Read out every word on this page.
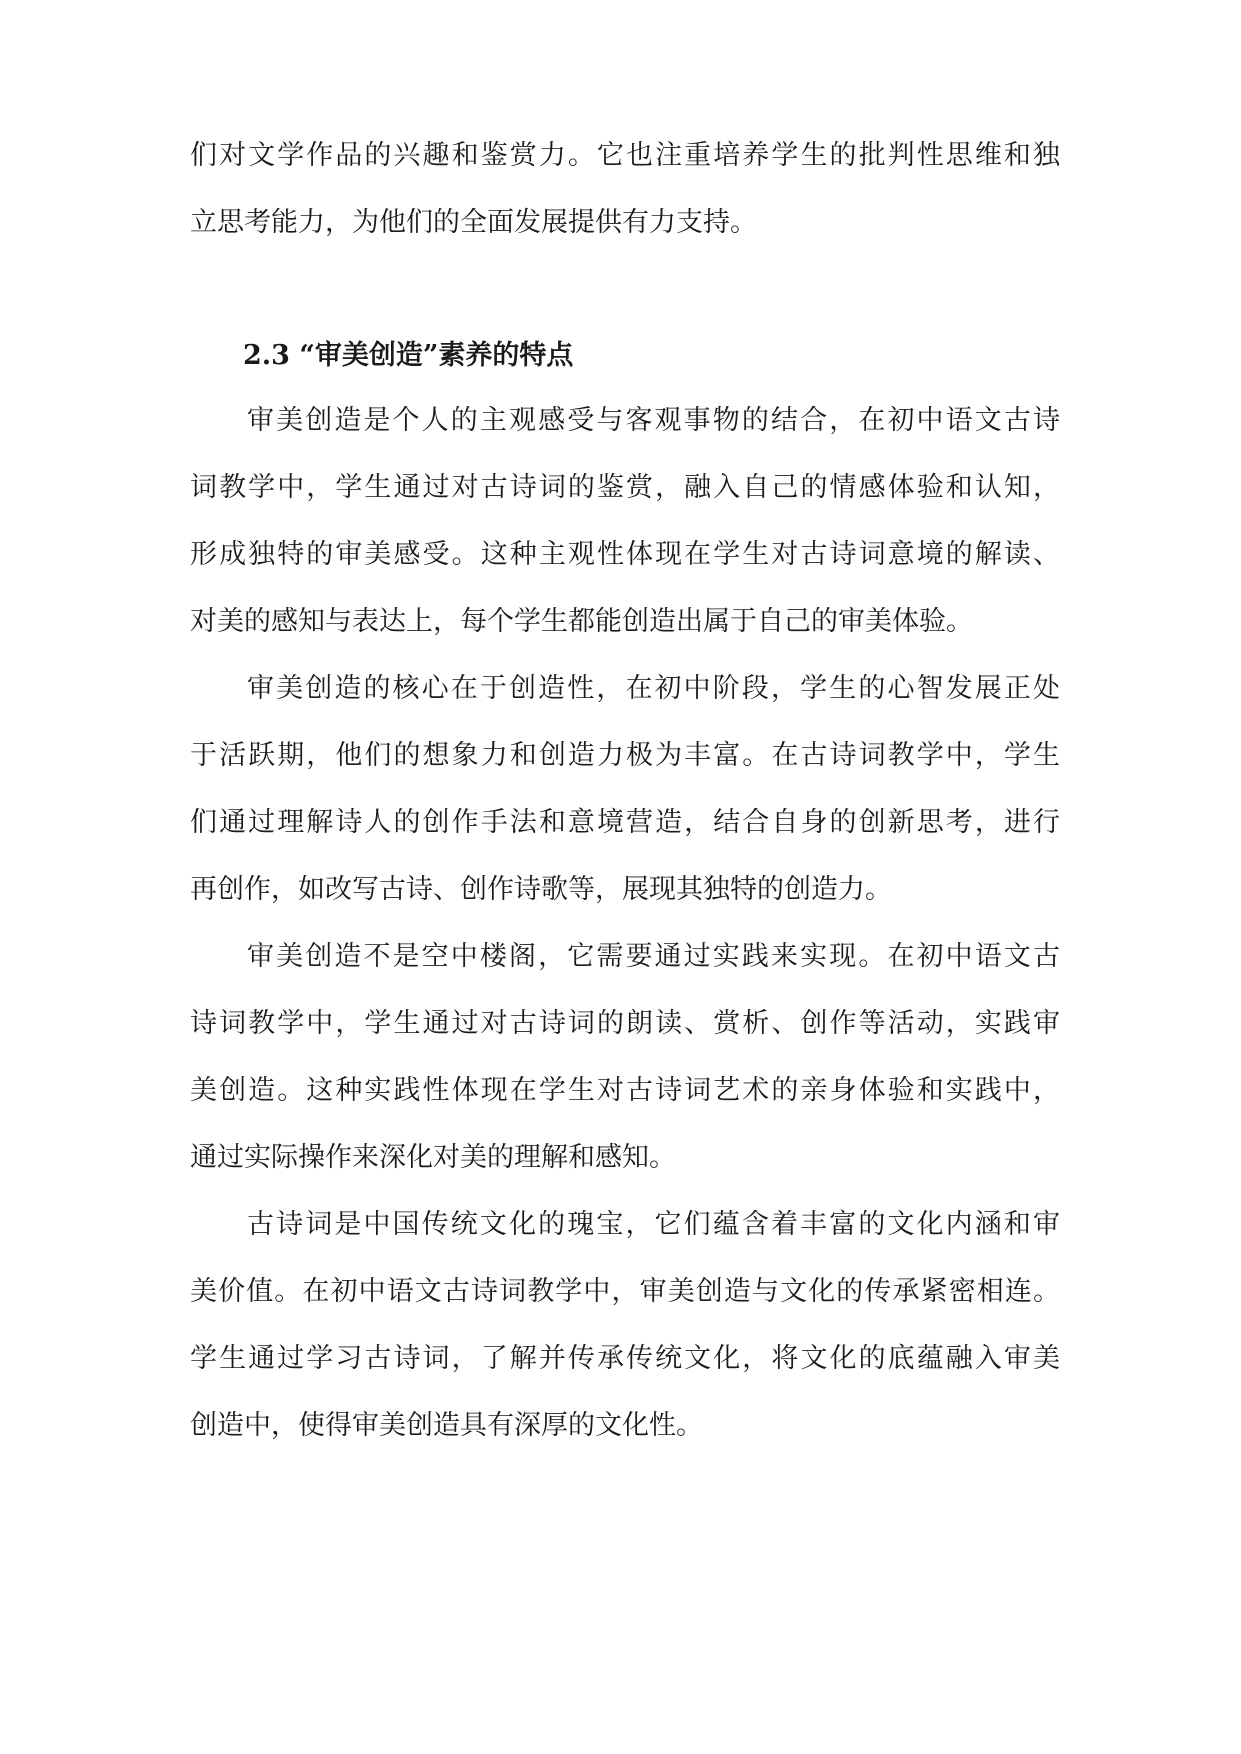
们对文学作品的兴趣和鉴赏力。它也注重培养学生的批判性思维和独
立思考能力，为他们的全面发展提供有力支持。
2.3 “审美创造”素养的特点
审美创造是个人的主观感受与客观事物的结合，在初中语文古诗
词教学中，学生通过对古诗词的鉴赏，融入自己的情感体验和认知，
形成独特的审美感受。这种主观性体现在学生对古诗词意境的解读、
对美的感知与表达上，每个学生都能创造出属于自己的审美体验。
审美创造的核心在于创造性，在初中阶段，学生的心智发展正处
于活跃期，他们的想象力和创造力极为丰富。在古诗词教学中，学生
们通过理解诗人的创作手法和意境营造，结合自身的创新思考，进行
再创作，如改写古诗、创作诗歌等，展现其独特的创造力。
审美创造不是空中楼阁，它需要通过实践来实现。在初中语文古
诗词教学中，学生通过对古诗词的朗读、赏析、创作等活动，实践审
美创造。这种实践性体现在学生对古诗词艺术的亲身体验和实践中，
通过实际操作来深化对美的理解和感知。
古诗词是中国传统文化的瑰宝，它们蕴含着丰富的文化内涵和审
美价值。在初中语文古诗词教学中，审美创造与文化的传承紧密相连。
学生通过学习古诗词，了解并传承传统文化，将文化的底蕴融入审美
创造中，使得审美创造具有深厚的文化性。
